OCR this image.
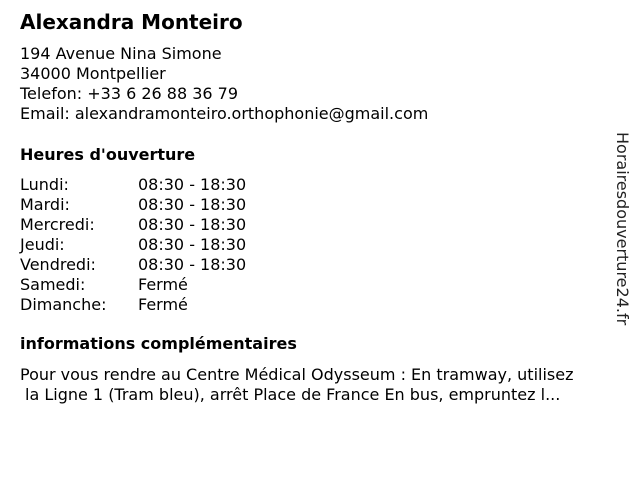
Alexandra Monteiro
194 Avenue Nina Simone
34000 Montpellier
Telefon: +33 6 26 88 36 79
Email: alexandramonteiro.orthophonie@gmail.com
Heures d'ouverture
Lundi:	08:30 - 18:30
Mardi:	08:30 - 18:30
Mercredi:	08:30 - 18:30
Jeudi:	08:30 - 18:30
Vendredi:	08:30 - 18:30
Samedi:	Fermé
Dimanche: Fermé
informations complémentaires
Pour vous rendre au Centre Médical Odysseum : En tramway, utilisez
la Ligne 1 (Tram bleu), arrêt Place de France En bus, empruntez l...
Horairesdouverture24.fr
